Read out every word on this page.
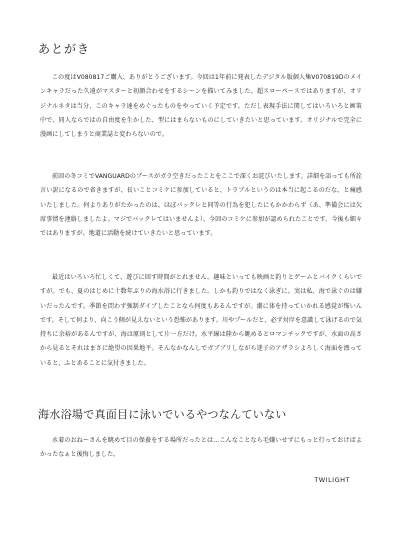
あとがき

この度はV080817ご購入、ありがとうございます。今回は1年前に発表したデジタル版個人集V070819Dのメインキャラだった久遠がマスターと初顔合わせをするシーンを描いてみました。超スローペースではありますが、オリジナルネタは当分、このキャラ達をめぐったものをやっていく予定です。ただし表現手法に関してはいろいろと画策中で、同人ならではの自由度を生かした、型にはまらないものにしていきたいと思っています。オリジナルで完全に漫画にしてしまうと商業誌と変わらないので。

前回の冬コミでVANGUARDのブースがガラ空きだったことをここで深くお詫びいたします。詳細を語っても所詮言い訳になるので省きますが、長いことコミケに参加していると、トラブルというのは本当に起こるのだな、と痛感いたしました。何よりありがたかったのは、ほぼパックレと同等の行為を犯したにもかかわらず（あ、準備会には欠席事情を連絡しましたよ。マジでバックレてはいませんよ）、今回のコミケに参加が認められたことです。今後も細々ではありますが、地道に活動を続けていきたいと思っています。

最近はいろいろ忙しくて、遊びに回す時間がとれません。趣味といっても映画と釣りとゲームとバイクくらいですが。でも、夏のはじめに十数年ぶりの海水浴に行きました。しかも釣りではなく泳ぎに。実は私、海で泳ぐのは嫌いだったんです。季節を問わず強制ダイブしたことなら何度もあるんですが。潮に体を持っていかれる感覚が怖いんです。そして何より、向こう側が見えないという恐怖があります。川やプールだと、必ず対岸を意識して泳げるので気持ちに余裕があるんですが、海は原則として片一方だけ。水平線は陸から眺めるとロマンチックですが、水面の高さから見るとそれはまさに絶望の因果地平。そんなかなんしでガブブリしながら迷子のアザラシよろしく海面を漂っていると、ふとあることに気付きました。

海水浴場で真面目に泳いでいるやつなんていない

水着のおねーさんを眺めて目の保養をする場所だったとは…こんなことなら毛嫌いせずにもっと行っておけばよかったなぁと後悔しました。

TWILIGHT
